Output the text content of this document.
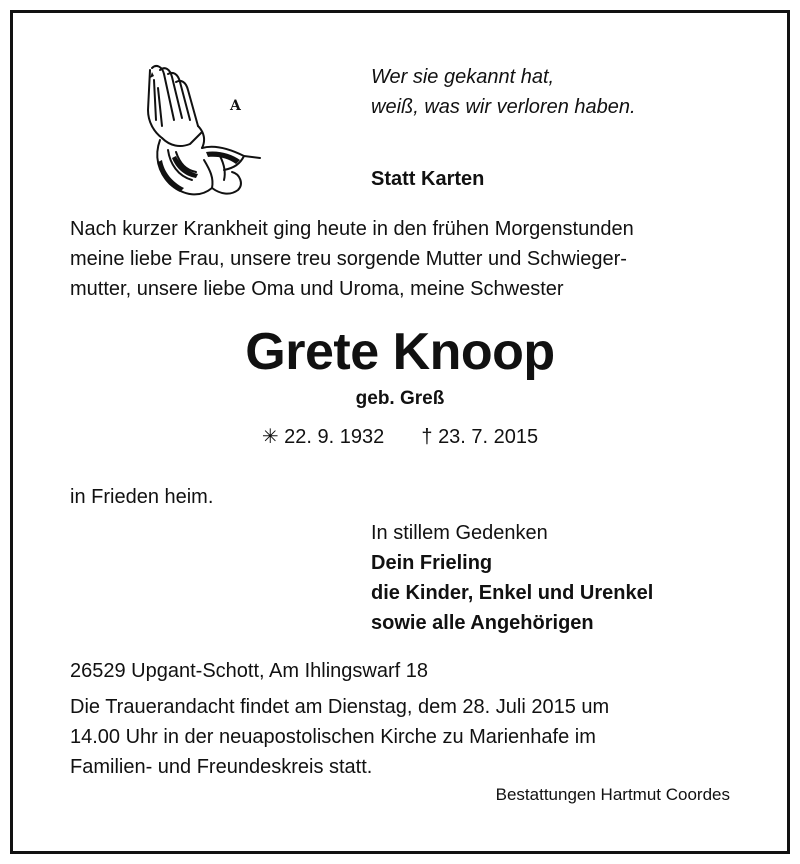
A
Wer sie gekannt hat,
weiß, was wir verloren haben.
Statt Karten
Nach kurzer Krankheit ging heute in den frühen Morgenstunden
meine liebe Frau, unsere treu sorgende Mutter und Schwieger-
mutter, unsere liebe Oma und Uroma, meine Schwester
Grete Knoop
geb. Greß
✳ 22. 9. 1932 † 23. 7. 2015
in Frieden heim.
In stillem Gedenken
Dein Frieling
die Kinder, Enkel und Urenkel
sowie alle Angehörigen
26529 Upgant-Schott, Am Ihlingswarf 18
Die Trauerandacht findet am Dienstag, dem 28. Juli 2015 um
14.00 Uhr in der neuapostolischen Kirche zu Marienhafe im
Familien- und Freundeskreis statt.
Bestattungen Hartmut Coordes
